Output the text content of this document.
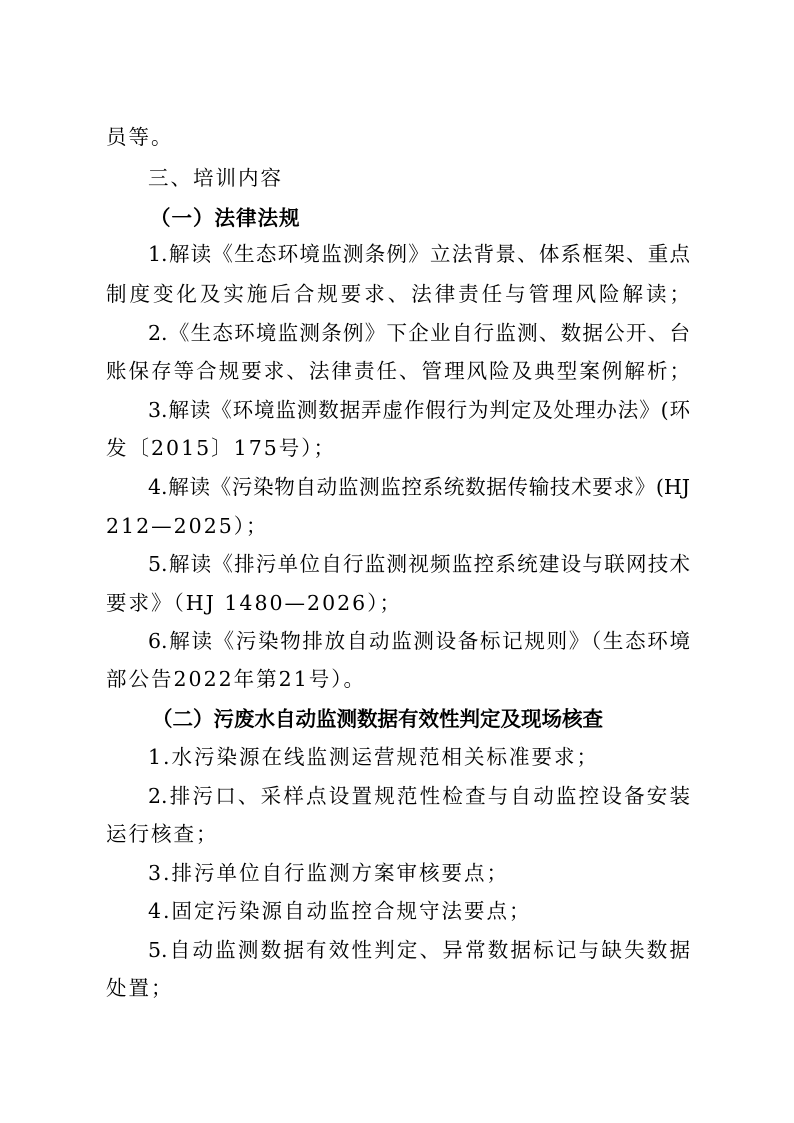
员等。
三、培训内容
（一）法律法规
1.解读《生态环境监测条例》立法背景、体系框架、重点
制度变化及实施后合规要求、法律责任与管理风险解读；
2.《生态环境监测条例》下企业自行监测、数据公开、台
账保存等合规要求、法律责任、管理风险及典型案例解析；
3.解读《环境监测数据弄虚作假行为判定及处理办法》(环
发〔2015〕175号）；
4.解读《污染物自动监测监控系统数据传输技术要求》(HJ
212—2025）；
5.解读《排污单位自行监测视频监控系统建设与联网技术
要求》（HJ 1480—2026）；
6.解读《污染物排放自动监测设备标记规则》（生态环境
部公告2022年第21号）。
（二）污废水自动监测数据有效性判定及现场核查
1.水污染源在线监测运营规范相关标准要求；
2.排污口、采样点设置规范性检查与自动监控设备安装
运行核查；
3.排污单位自行监测方案审核要点；
4.固定污染源自动监控合规守法要点；
5.自动监测数据有效性判定、异常数据标记与缺失数据
处置；
